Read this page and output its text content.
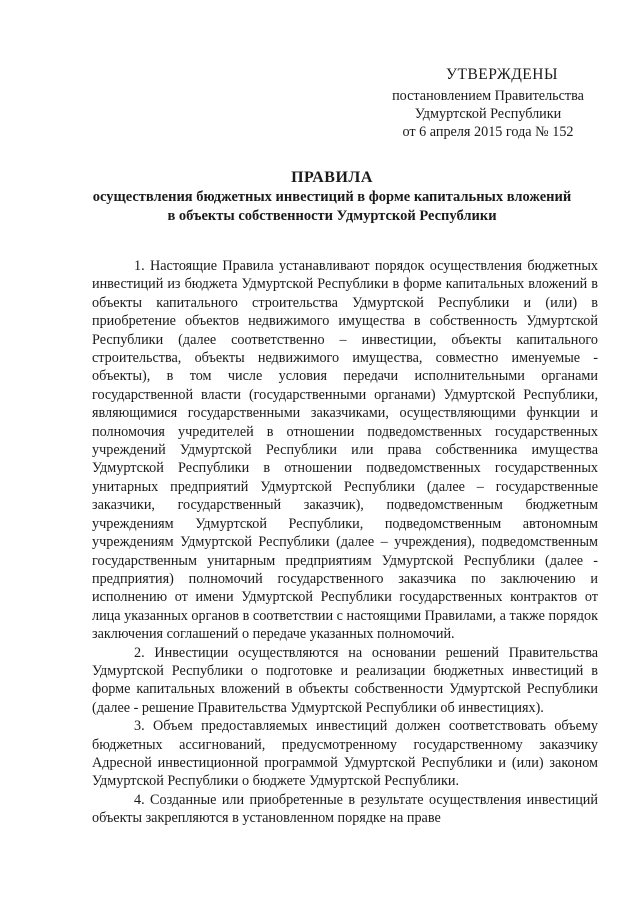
УТВЕРЖДЕНЫ
постановлением Правительства
Удмуртской Республики
от 6 апреля 2015 года № 152
ПРАВИЛА
осуществления бюджетных инвестиций в форме капитальных вложений
в объекты собственности Удмуртской Республики

1. Настоящие Правила устанавливают порядок осуществления бюджетных инвестиций из бюджета Удмуртской Республики в форме капитальных вложений в объекты капитального строительства Удмуртской Республики и (или) в приобретение объектов недвижимого имущества в собственность Удмуртской Республики (далее соответственно – инвестиции, объекты капитального строительства, объекты недвижимого имущества, совместно именуемые - объекты), в том числе условия передачи исполнительными органами государственной власти (государственными органами) Удмуртской Республики, являющимися государственными заказчиками, осуществляющими функции и полномочия учредителей в отношении подведомственных государственных учреждений Удмуртской Республики или права собственника имущества Удмуртской Республики в отношении подведомственных государственных унитарных предприятий Удмуртской Республики (далее – государственные заказчики, государственный заказчик), подведомственным бюджетным учреждениям Удмуртской Республики, подведомственным автономным учреждениям Удмуртской Республики (далее – учреждения), подведомственным государственным унитарным предприятиям Удмуртской Республики (далее - предприятия) полномочий государственного заказчика по заключению и исполнению от имени Удмуртской Республики государственных контрактов от лица указанных органов в соответствии с настоящими Правилами, а также порядок заключения соглашений о передаче указанных полномочий.

2. Инвестиции осуществляются на основании решений Правительства Удмуртской Республики о подготовке и реализации бюджетных инвестиций в форме капитальных вложений в объекты собственности Удмуртской Республики (далее - решение Правительства Удмуртской Республики об инвестициях).

3. Объем предоставляемых инвестиций должен соответствовать объему бюджетных ассигнований, предусмотренному государственному заказчику Адресной инвестиционной программой Удмуртской Республики и (или) законом Удмуртской Республики о бюджете Удмуртской Республики.

4. Созданные или приобретенные в результате осуществления инвестиций объекты закрепляются в установленном порядке на праве
